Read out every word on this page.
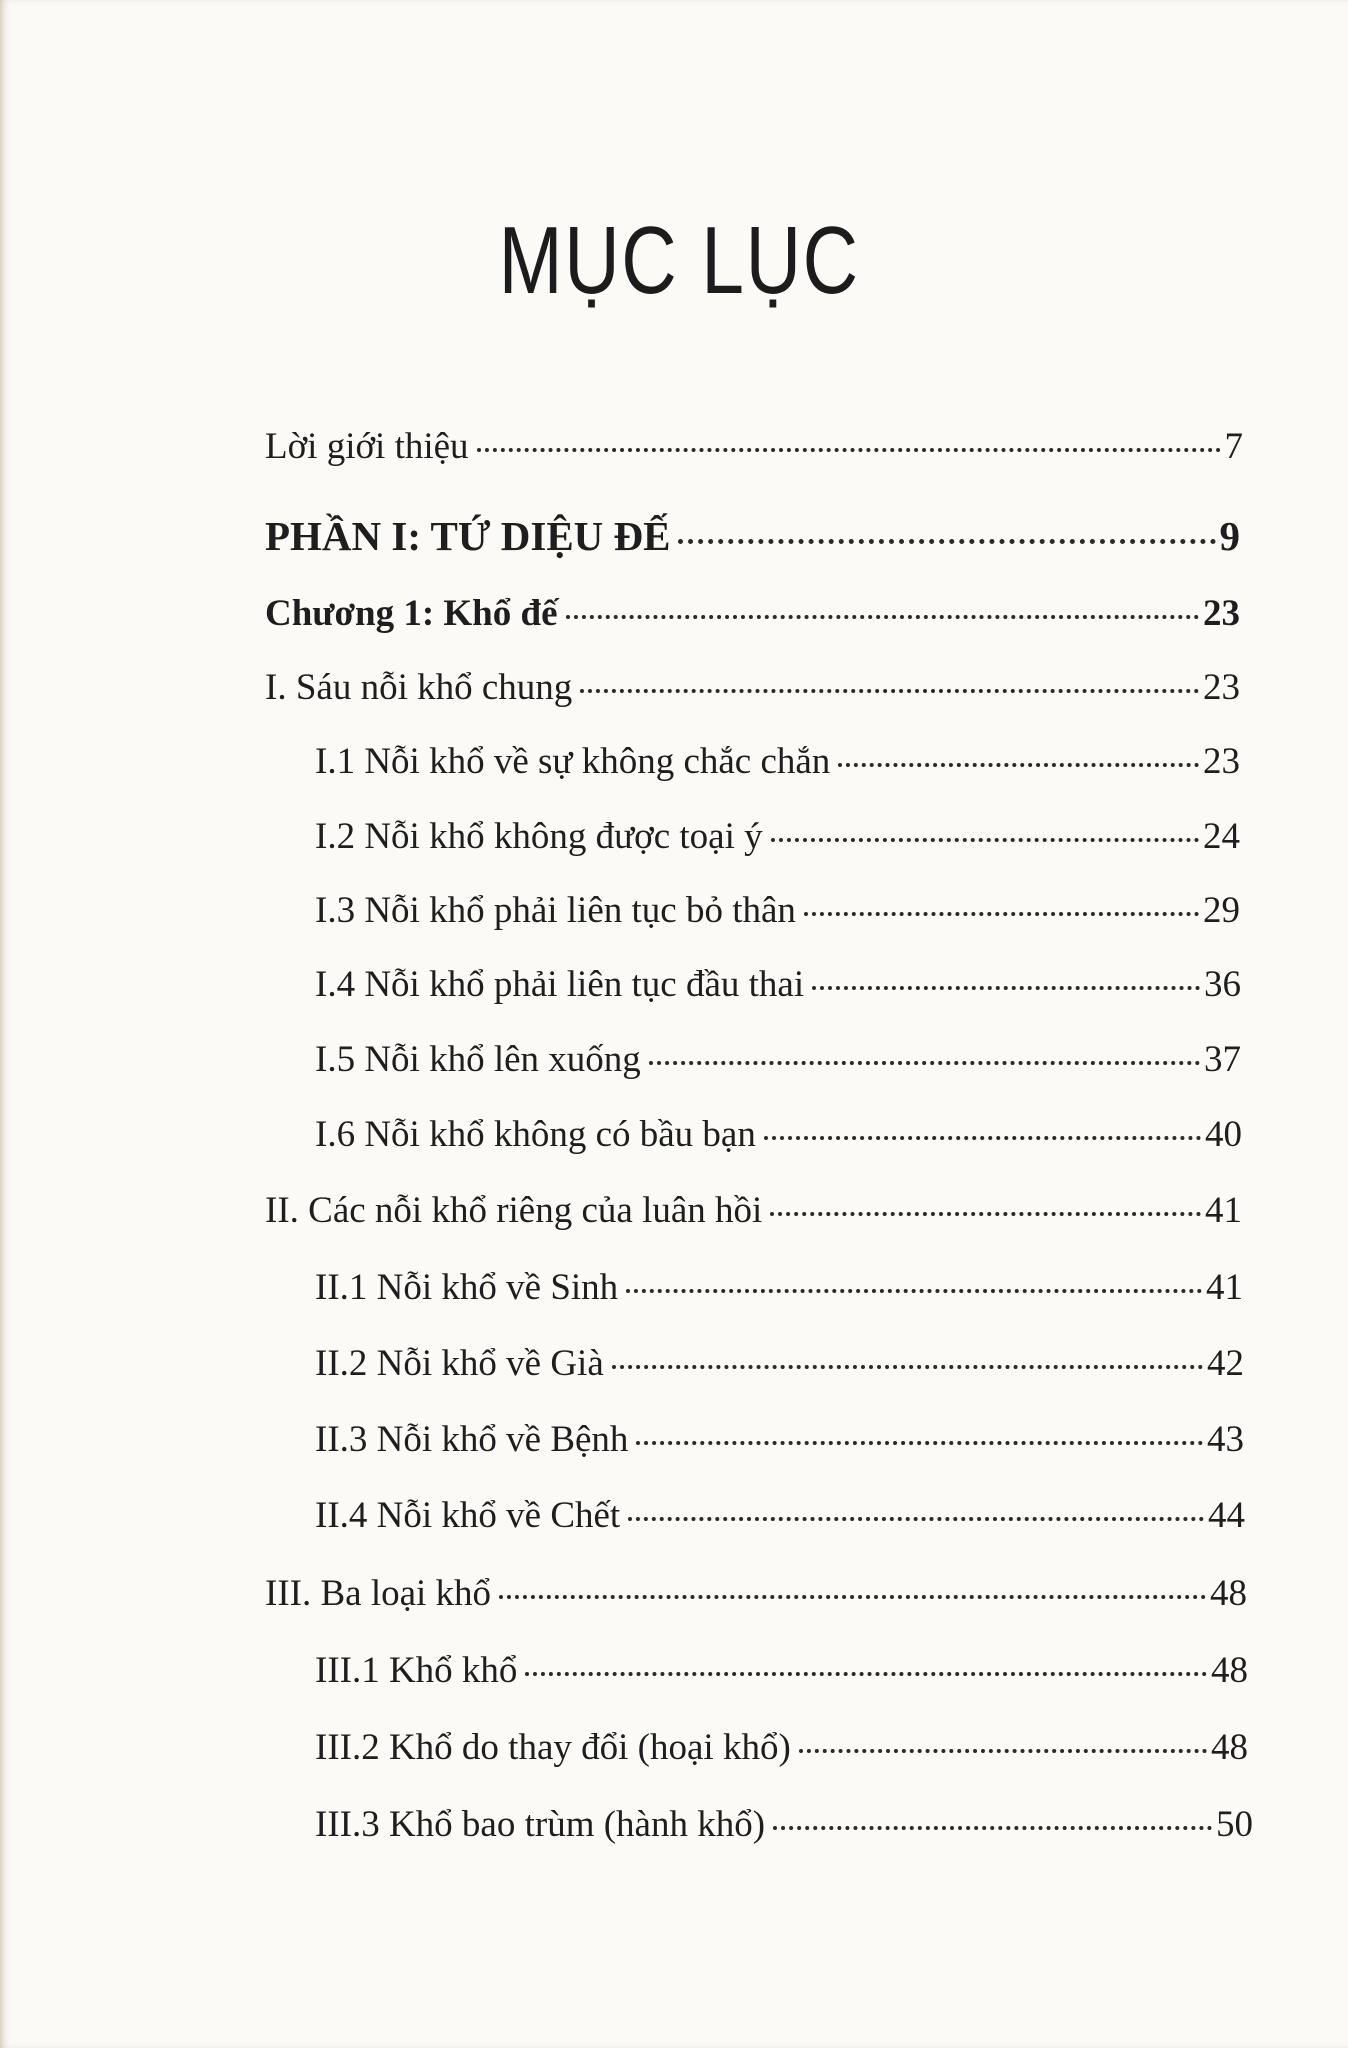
MỤC LỤC
Lời giới thiệu	7
PHẦN I: TỨ DIỆU ĐẾ	9
Chương 1: Khổ đế	23
I. Sáu nỗi khổ chung	23
I.1 Nỗi khổ về sự không chắc chắn	23
I.2 Nỗi khổ không được toại ý	24
I.3 Nỗi khổ phải liên tục bỏ thân	29
I.4 Nỗi khổ phải liên tục đầu thai	36
I.5 Nỗi khổ lên xuống	37
I.6 Nỗi khổ không có bầu bạn	40
II. Các nỗi khổ riêng của luân hồi	41
II.1 Nỗi khổ về Sinh	41
II.2 Nỗi khổ về Già	42
II.3 Nỗi khổ về Bệnh	43
II.4 Nỗi khổ về Chết	44
III. Ba loại khổ	48
III.1 Khổ khổ	48
III.2 Khổ do thay đổi (hoại khổ)	48
III.3 Khổ bao trùm (hành khổ)	50
